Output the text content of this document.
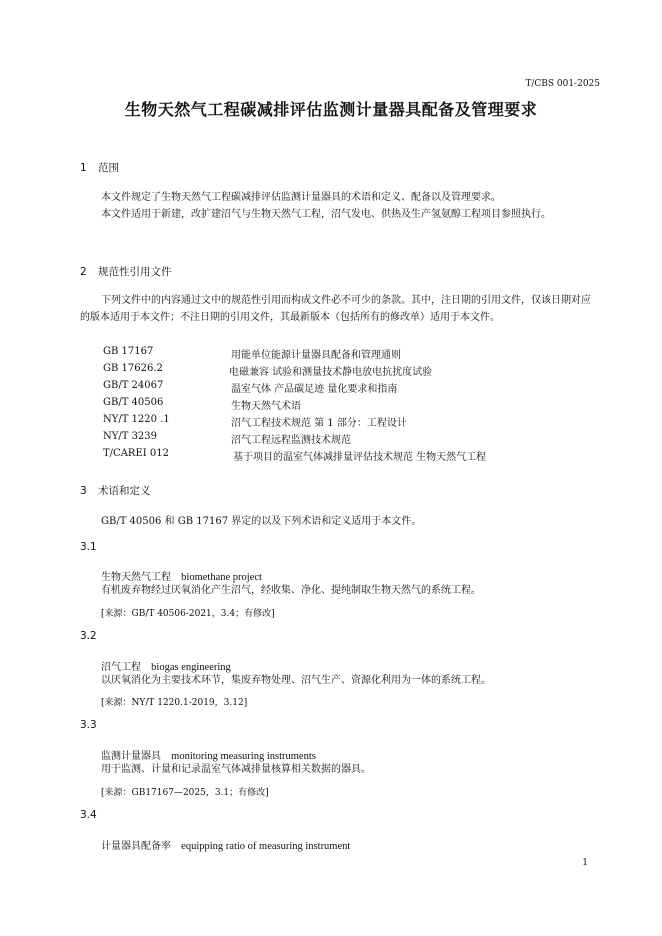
T/CBS 001-2025
生物天然气工程碳减排评估监测计量器具配备及管理要求
1 范围
本文件规定了生物天然气工程碳减排评估监测计量器具的术语和定义、配备以及管理要求。
本文件适用于新建，改扩建沼气与生物天然气工程，沼气发电、供热及生产氢氨醇工程项目参照执行。
2 规范性引用文件
下列文件中的内容通过文中的规范性引用而构成文件必不可少的条款。其中，注日期的引用文件，仅该日期对应的版本适用于本文件；不注日期的引用文件，其最新版本（包括所有的修改单）适用于本文件。
GB 17167	用能单位能源计量器具配备和管理通则
GB 17626.2	电磁兼容 试验和测量技术静电放电抗扰度试验
GB/T 24067	温室气体 产品碳足迹 量化要求和指南
GB/T 40506	生物天然气术语
NY/T 1220 .1	沼气工程技术规范 第 1 部分：工程设计
NY/T 3239	沼气工程远程监测技术规范
T/CAREI 012	基于项目的温室气体减排量评估技术规范 生物天然气工程
3 术语和定义
GB/T 40506 和 GB 17167 界定的以及下列术语和定义适用于本文件。
3.1
生物天然气工程 biomethane project
有机废弃物经过厌氧消化产生沼气，经收集、净化、提纯制取生物天然气的系统工程。
[来源：GB/T 40506-2021，3.4；有修改]
3.2
沼气工程 biogas engineering
以厌氧消化为主要技术环节，集废弃物处理、沼气生产、资源化利用为一体的系统工程。
[来源：NY/T 1220.1-2019，3.12]
3.3
监测计量器具 monitoring measuring instruments
用于监测、计量和记录温室气体减排量核算相关数据的器具。
[来源：GB17167—2025，3.1；有修改]
3.4
计量器具配备率 equipping ratio of measuring instrument
1
